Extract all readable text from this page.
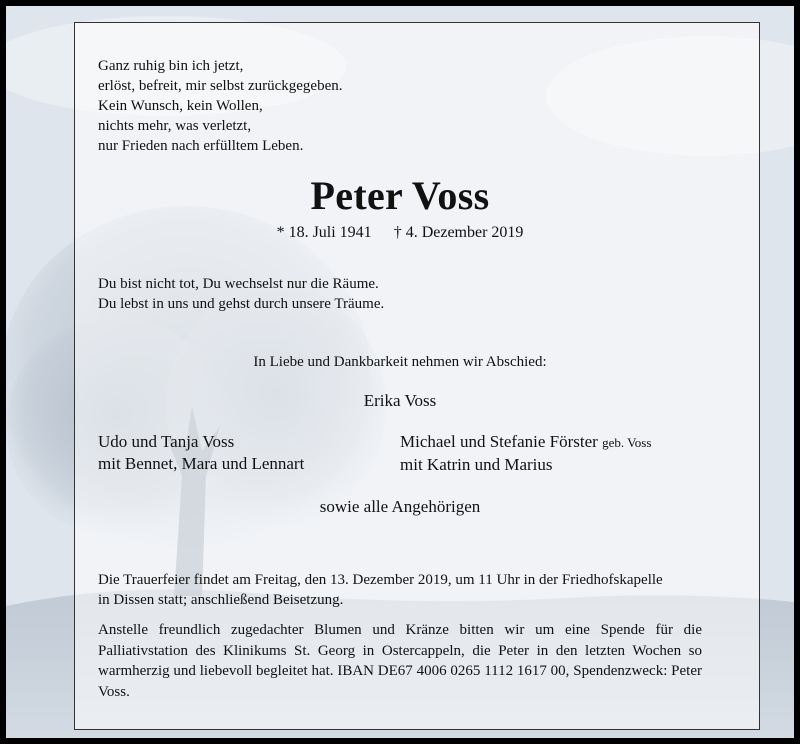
Ganz ruhig bin ich jetzt,
erlöst, befreit, mir selbst zurückgegeben.
Kein Wunsch, kein Wollen,
nichts mehr, was verletzt,
nur Frieden nach erfülltem Leben.
Peter Voss
* 18. Juli 1941 † 4. Dezember 2019
Du bist nicht tot, Du wechselst nur die Räume.
Du lebst in uns und gehst durch unsere Träume.
In Liebe und Dankbarkeit nehmen wir Abschied:
Erika Voss
Udo und Tanja Voss
mit Bennet, Mara und Lennart
Michael und Stefanie Förster geb. Voss
mit Katrin und Marius
sowie alle Angehörigen
Die Trauerfeier findet am Freitag, den 13. Dezember 2019, um 11 Uhr in der Friedhofskapelle
in Dissen statt; anschließend Beisetzung.
Anstelle freundlich zugedachter Blumen und Kränze bitten wir um eine Spende für die Palliativstation des Klinikums St. Georg in Ostercappeln, die Peter in den letzten Wochen so warmherzig und liebevoll begleitet hat. IBAN DE67 4006 0265 1112 1617 00, Spendenzweck: Peter Voss.
